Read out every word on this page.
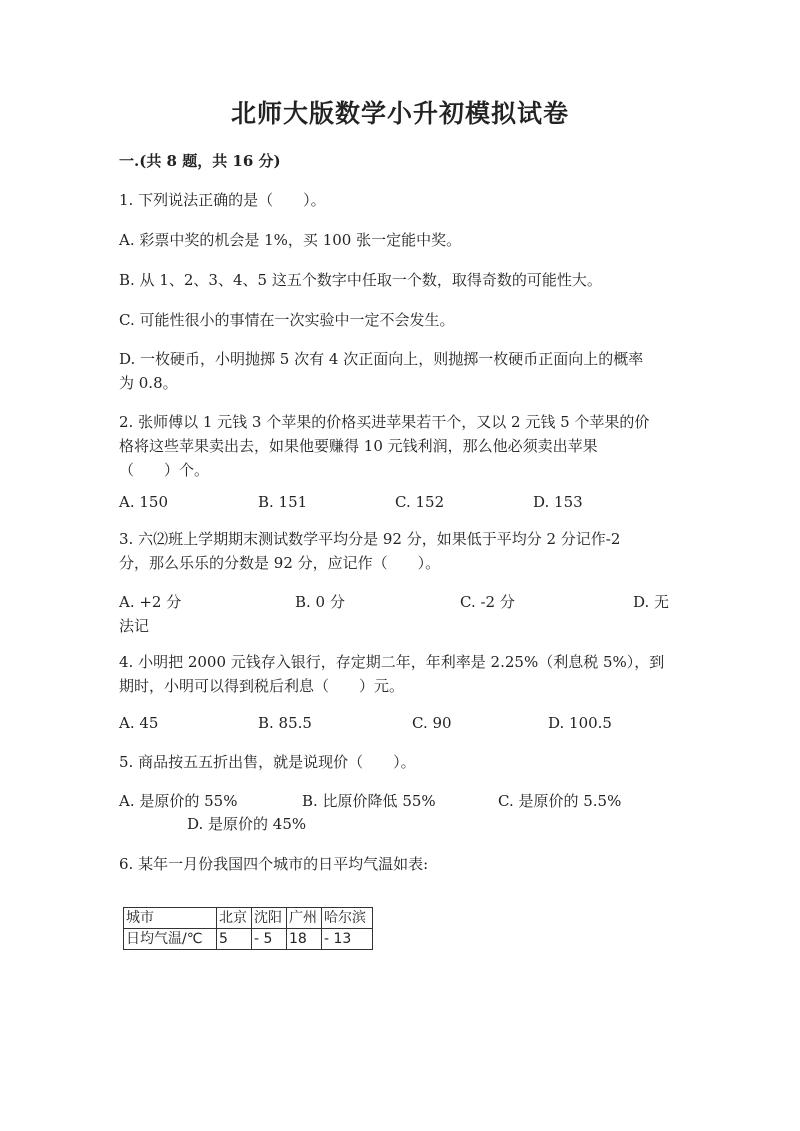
北师大版数学小升初模拟试卷
一.(共 8 题，共 16 分)
1. 下列说法正确的是（　　）。
A. 彩票中奖的机会是 1%，买 100 张一定能中奖。
B. 从 1、2、3、4、5 这五个数字中任取一个数，取得奇数的可能性大。
C. 可能性很小的事情在一次实验中一定不会发生。
D. 一枚硬币，小明抛掷 5 次有 4 次正面向上，则抛掷一枚硬币正面向上的概率
为 0.8。
2. 张师傅以 1 元钱 3 个苹果的价格买进苹果若干个，又以 2 元钱 5 个苹果的价
格将这些苹果卖出去，如果他要赚得 10 元钱利润，那么他必须卖出苹果
（　　）个。
A. 150	B. 151	C. 152	D. 153
3. 六⑵班上学期期末测试数学平均分是 92 分，如果低于平均分 2 分记作-2
分，那么乐乐的分数是 92 分，应记作（　　）。
A. +2 分	B. 0 分	C. -2 分	D. 无
法记
4. 小明把 2000 元钱存入银行，存定期二年，年利率是 2.25%（利息税 5%），到
期时，小明可以得到税后利息（　　）元。
A. 45	B. 85.5	C. 90	D. 100.5
5. 商品按五五折出售，就是说现价（　　）。
A. 是原价的 55%	B. 比原价降低 55%	C. 是原价的 5.5%
D. 是原价的 45%
6. 某年一月份我国四个城市的日平均气温如表:
城市	北京	沈阳	广州	哈尔滨
日均气温/℃	5	- 5	18	- 13
